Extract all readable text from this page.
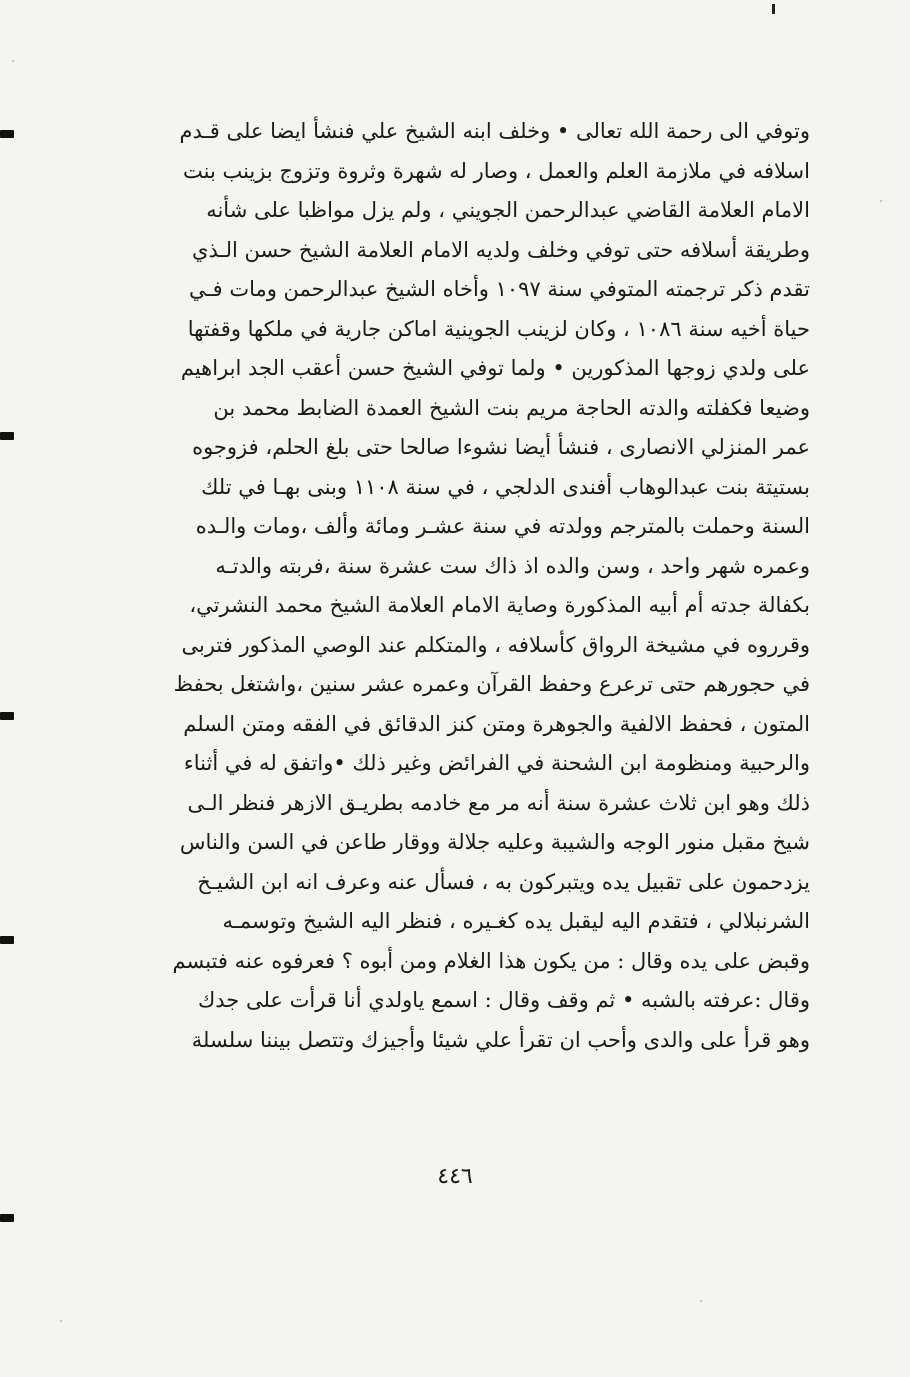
وتوفي الى رحمة الله تعالى • وخلف ابنه الشيخ علي فنشأ ايضا على قـدم
اسلافه في ملازمة العلم والعمل ، وصار له شهرة وثروة وتزوج بزينب بنت
الامام العلامة القاضي عبدالرحمن الجويني ، ولم يزل مواظبا على شأنه
وطريقة أسلافه حتى توفي وخلف ولديه الامام العلامة الشيخ حسن الـذي
تقدم ذكر ترجمته المتوفي سنة ١٠٩٧ وأخاه الشيخ عبدالرحمن ومات فـي
حياة أخيه سنة ١٠٨٦ ، وكان لزينب الجوينية اماكن جارية في ملكها وقفتها
على ولدي زوجها المذكورين • ولما توفي الشيخ حسن أعقب الجد ابراهيم
وضيعا فكفلته والدته الحاجة مريم بنت الشيخ العمدة الضابط محمد بن
عمر المنزلي الانصارى ، فنشأ أيضا نشوءا صالحا حتى بلغ الحلم، فزوجوه
بستيتة بنت عبدالوهاب أفندى الدلجي ، في سنة ١١٠٨ وبنى بهـا في تلك
السنة وحملت بالمترجم وولدته في سنة عشـر ومائة وألف ،ومات والـده
وعمره شهر واحد ، وسن والده اذ ذاك ست عشرة سنة ،فربته والدتـه
بكفالة جدته أم أبيه المذكورة وصاية الامام العلامة الشيخ محمد النشرتي،
وقرروه في مشيخة الرواق كأسلافه ، والمتكلم عند الوصي المذكور فتربى
في حجورهم حتى ترعرع وحفظ القرآن وعمره عشر سنين ،واشتغل بحفظ
المتون ، فحفظ الالفية والجوهرة ومتن كنز الدقائق في الفقه ومتن السلم
والرحبية ومنظومة ابن الشحنة في الفرائض وغير ذلك •واتفق له في أثناء
ذلك وهو ابن ثلاث عشرة سنة أنه مر مع خادمه بطريـق الازهر فنظر الـى
شيخ مقبل منور الوجه والشيبة وعليه جلالة ووقار طاعن في السن والناس
يزدحمون على تقبيل يده ويتبركون به ، فسأل عنه وعرف انه ابن الشيـخ
الشرنبلالي ، فتقدم اليه ليقبل يده كغـيره ، فنظر اليه الشيخ وتوسمـه
وقبض على يده وقال : من يكون هذا الغلام ومن أبوه ؟ فعرفوه عنه فتبسم
وقال :عرفته بالشبه • ثم وقف وقال : اسمع ياولدي أنا قرأت على جدك
وهو قرأ على والدى وأحب ان تقرأ علي شيئا وأجيزك وتتصل بيننا سلسلة
٤٤٦
